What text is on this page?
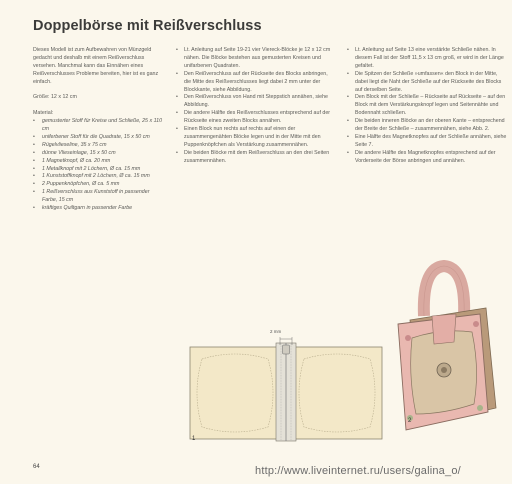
Doppelbörse mit Reißverschluss

Dieses Modell ist zum Aufbewahren von Münzgeld gedacht und deshalb mit einem Reißverschluss versehen. Manchmal kann das Einnähen eines Reißverschlusses Probleme bereiten, hier ist es ganz einfach.

Größe: 12 x 12 cm

Material:

• gemusterter Stoff für Kreise und Schließe, 25 x 110 cm
• uniferbener Stoff für die Quadrate, 15 x 50 cm
• Rügelvlieseline, 35 x 75 cm
• dünne Vlieseinlage, 15 x 50 cm
• 1 Magnetknopf, Ø ca. 20 mm
• 1 Metallknopf mit 2 Löchern, Ø ca. 15 mm
• 1 Kunststoffknopf mit 2 Löchern, Ø ca. 15 mm
• 2 Puppenknöpfchen, Ø ca. 5 mm
• 1 Reißverschluss aus Kunststoff in passender Farbe, 15 cm
• kräftiges Quiltgarn in passender Farbe
• Lt. Anleitung auf Seite 19-21 vier Viereck-Blöcke je 12 x 12 cm nähen. Die Blöcke bestehen aus gemusterten Kreisen und unifarbenen Quadraten.
• Den Reißverschluss auf der Rückseite des Blocks anbringen, die Mitte des Reißverschlusses liegt dabei 2 mm unter der Blockkante, siehe Abbildung.
• Den Reißverschluss von Hand mit Steppstich annähen, siehe Abbildung.
• Die andere Hälfte des Reißverschlusses entsprechend auf der Rückseite eines zweiten Blocks annähen.
• Einen Block nun rechts auf rechts auf einen der zusammengenähten Blöcke legen und in der Mitte mit den Puppenknöpfchen als Verstärkung zusammennähen.
• Die beiden Blöcke mit dem Reißverschluss an den drei Seiten zusammennähen.
• Lt. Anleitung auf Seite 13 eine verstärkte Schließe nähen. In diesem Fall ist der Stoff 11,5 x 13 cm groß, er wird in der Länge gefaltet.
• Die Spitzen der Schließe »umfassen« den Block in der Mitte, dabei liegt die Naht der Schließe auf der Rückseite des Blocks auf derselben Seite.
• Den Block mit der Schließe – Rückseite auf Rückseite – auf den Block mit dem Verstärkungsknopf legen und Seitennähte und Bodennaht schließen.
• Die beiden inneren Blöcke an der oberen Kante – entsprechend der Breite der Schließe – zusammennähen, siehe Abb. 2.
• Eine Hälfte des Magnetknopfes auf der Schließe annähen, siehe Seite 7.
• Die andere Hälfte des Magnetknopfes entsprechend auf der Vorderseite der Börse anbringen und annähen.
2 mm
1
2
64	http://www.liveinternet.ru/users/galina_o/
